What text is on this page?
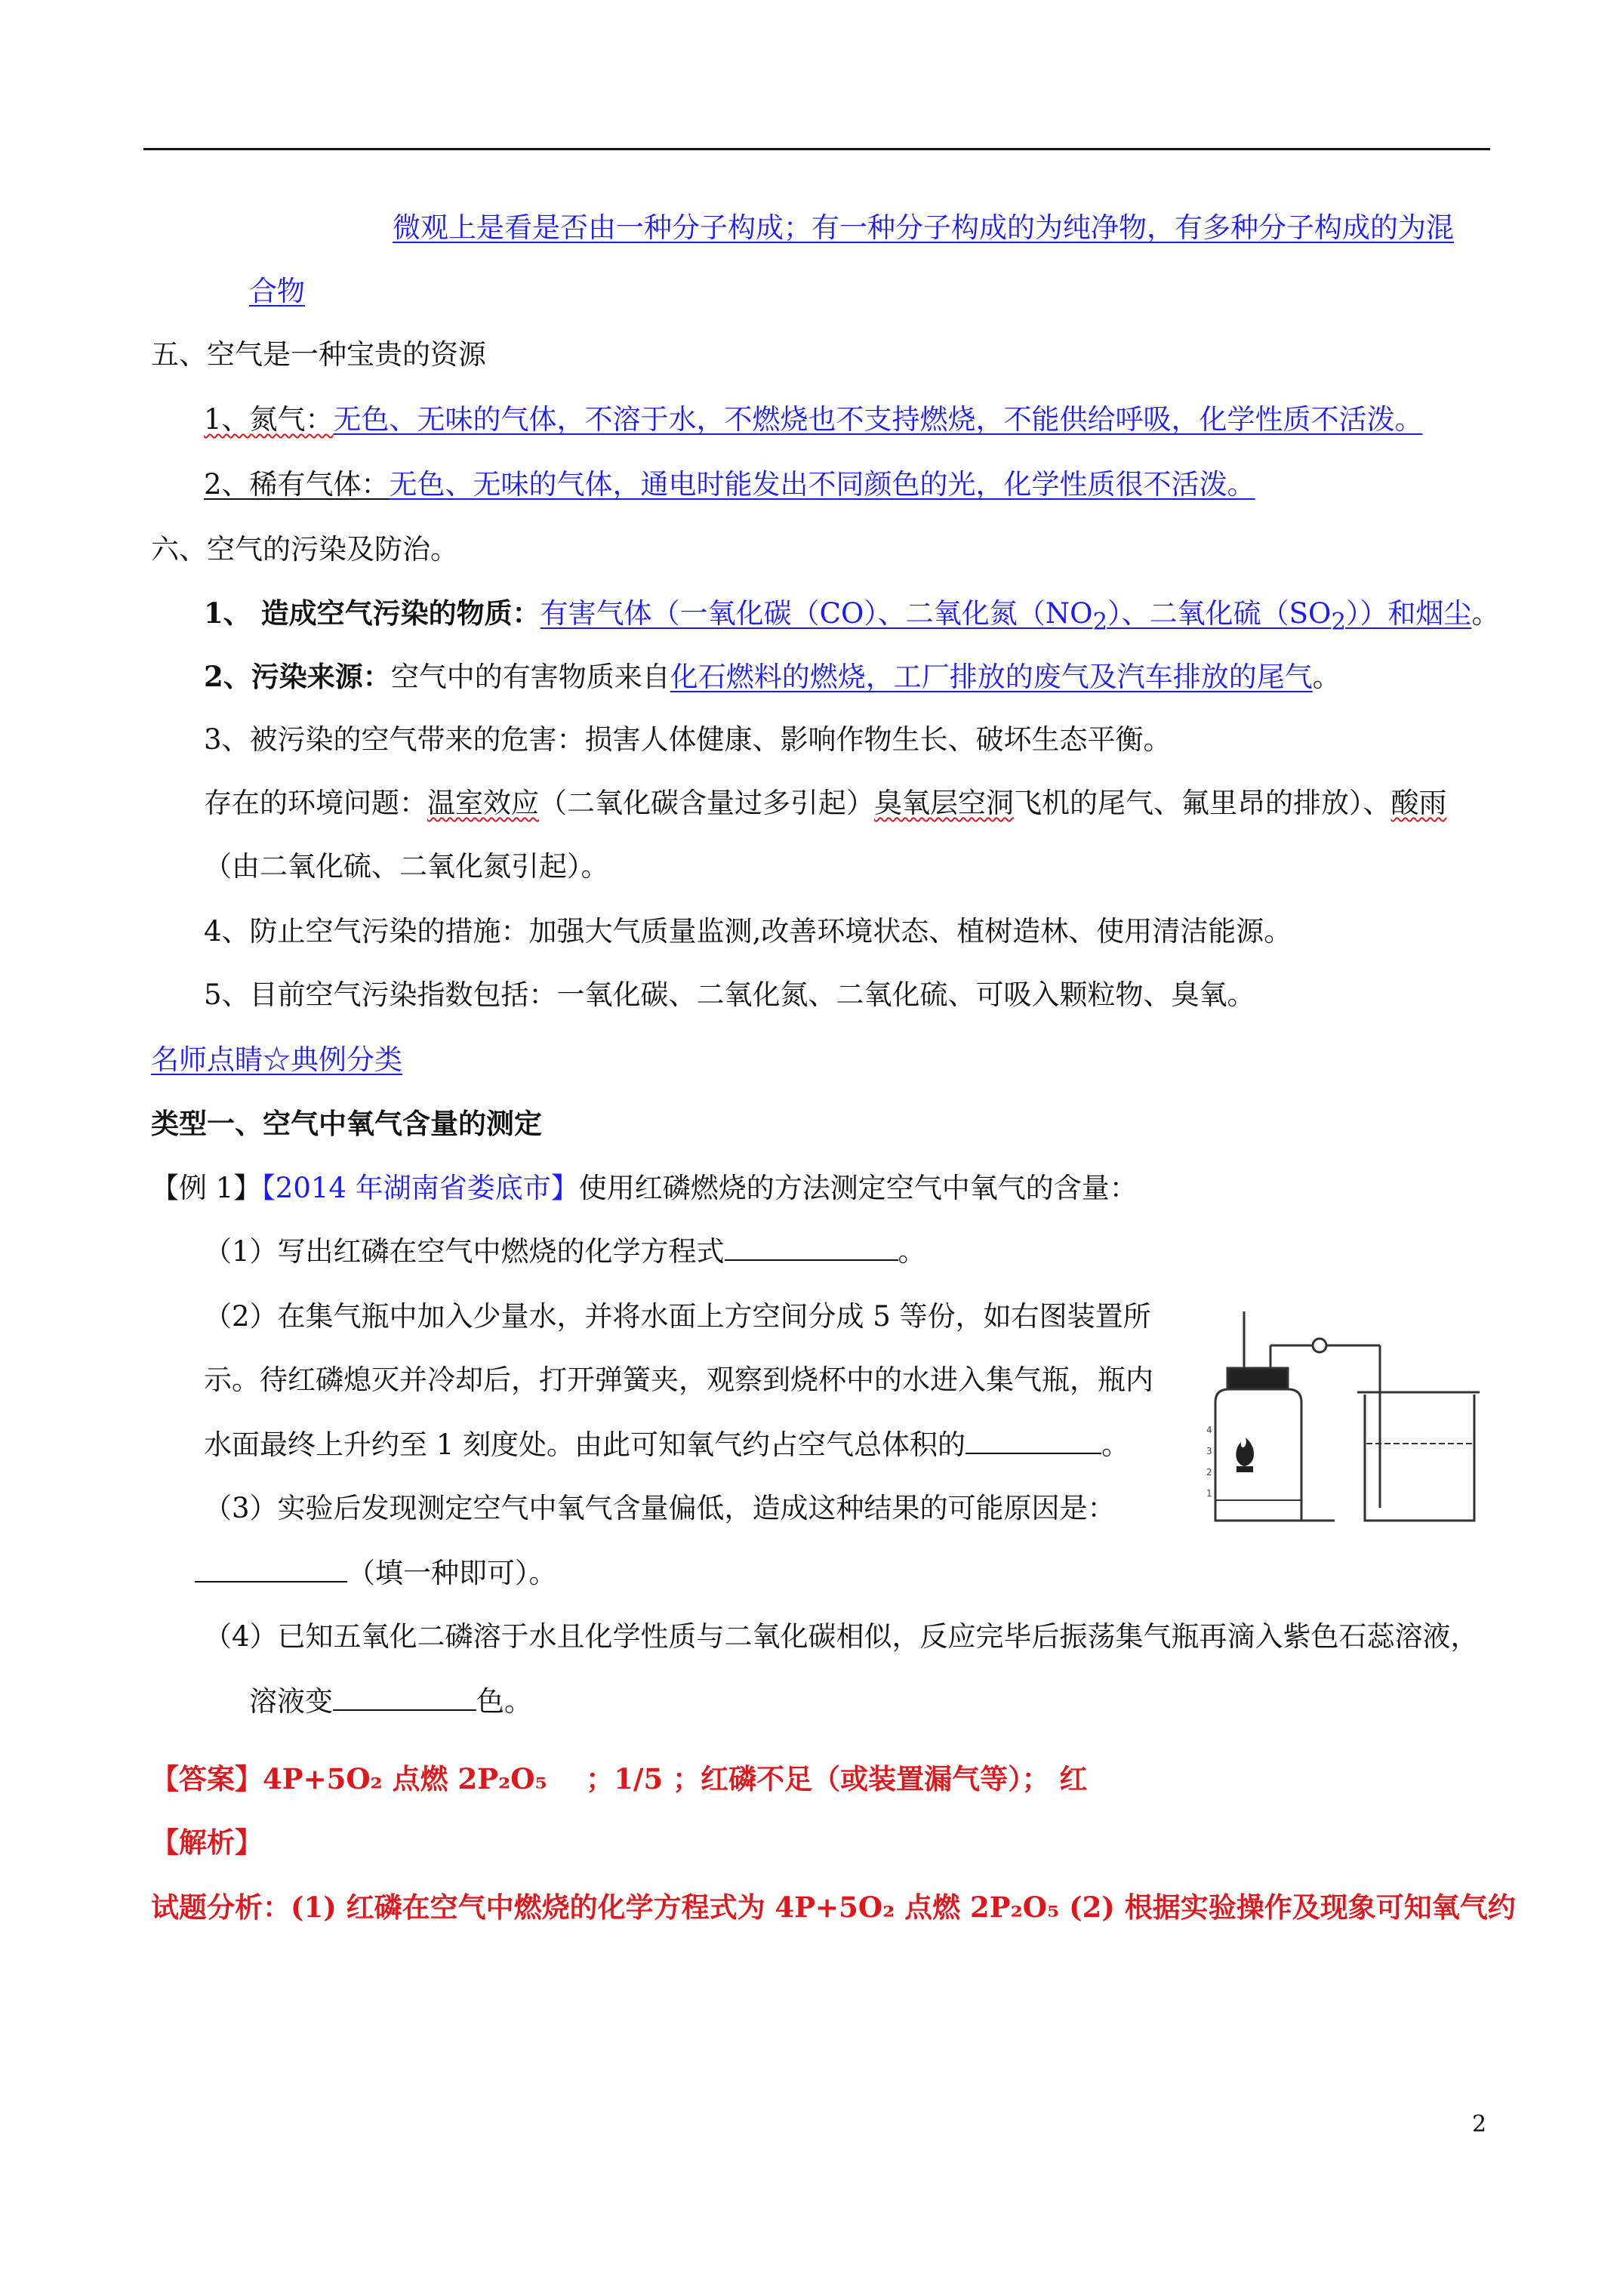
微观上是看是否由一种分子构成；有一种分子构成的为纯净物，有多种分子构成的为混
合物
五、空气是一种宝贵的资源
1、氮气：无色、无味的气体，不溶于水，不燃烧也不支持燃烧，不能供给呼吸，化学性质不活泼。
2、稀有气体：无色、无味的气体，通电时能发出不同颜色的光，化学性质很不活泼。
六、空气的污染及防治。
1、 造成空气污染的物质：有害气体（一氧化碳（CO）、二氧化氮$(NO_2)$、二氧化硫$(SO_2)$）和烟尘。
2、污染来源：空气中的有害物质来自化石燃料的燃烧，工厂排放的废气及汽车排放的尾气。
3、被污染的空气带来的危害：损害人体健康、影响作物生长、破坏生态平衡。
存在的环境问题：温室效应（二氧化碳含量过多引起）臭氧层空洞飞机的尾气、氟里昂的排放）、酸雨
（由二氧化硫、二氧化氮引起）。
4、防止空气污染的措施：加强大气质量监测,改善环境状态、植树造林、使用清洁能源。
5、目前空气污染指数包括：一氧化碳、二氧化氮、二氧化硫、可吸入颗粒物、臭氧。
名师点睛☆典例分类
类型一、空气中氧气含量的测定
【例 1】【2014 年湖南省娄底市】使用红磷燃烧的方法测定空气中氧气的含量：
（1）写出红磷在空气中燃烧的化学方程式	。
（2）在集气瓶中加入少量水，并将水面上方空间分成 5 等份，如右图装置所
示。待红磷熄灭并冷却后，打开弹簧夹，观察到烧杯中的水进入集气瓶，瓶内
水面最终上升约至 1 刻度处。由此可知氧气约占空气总体积的	。
（3）实验后发现测定空气中氧气含量偏低，造成这种结果的可能原因是：
（填一种即可）。
（4）已知五氧化二磷溶于水且化学性质与二氧化碳相似，反应完毕后振荡集气瓶再滴入紫色石蕊溶液，
溶液变	色。
【答案】4P+5O₂ 点燃 2P₂O₅ ；1/5 ；红磷不足（或装置漏气等）； 红
【解析】
试题分析：(1) 红磷在空气中燃烧的化学方程式为 4P+5O₂ 点燃 2P₂O₅ (2) 根据实验操作及现象可知氧气约
2
1
2
3
4
